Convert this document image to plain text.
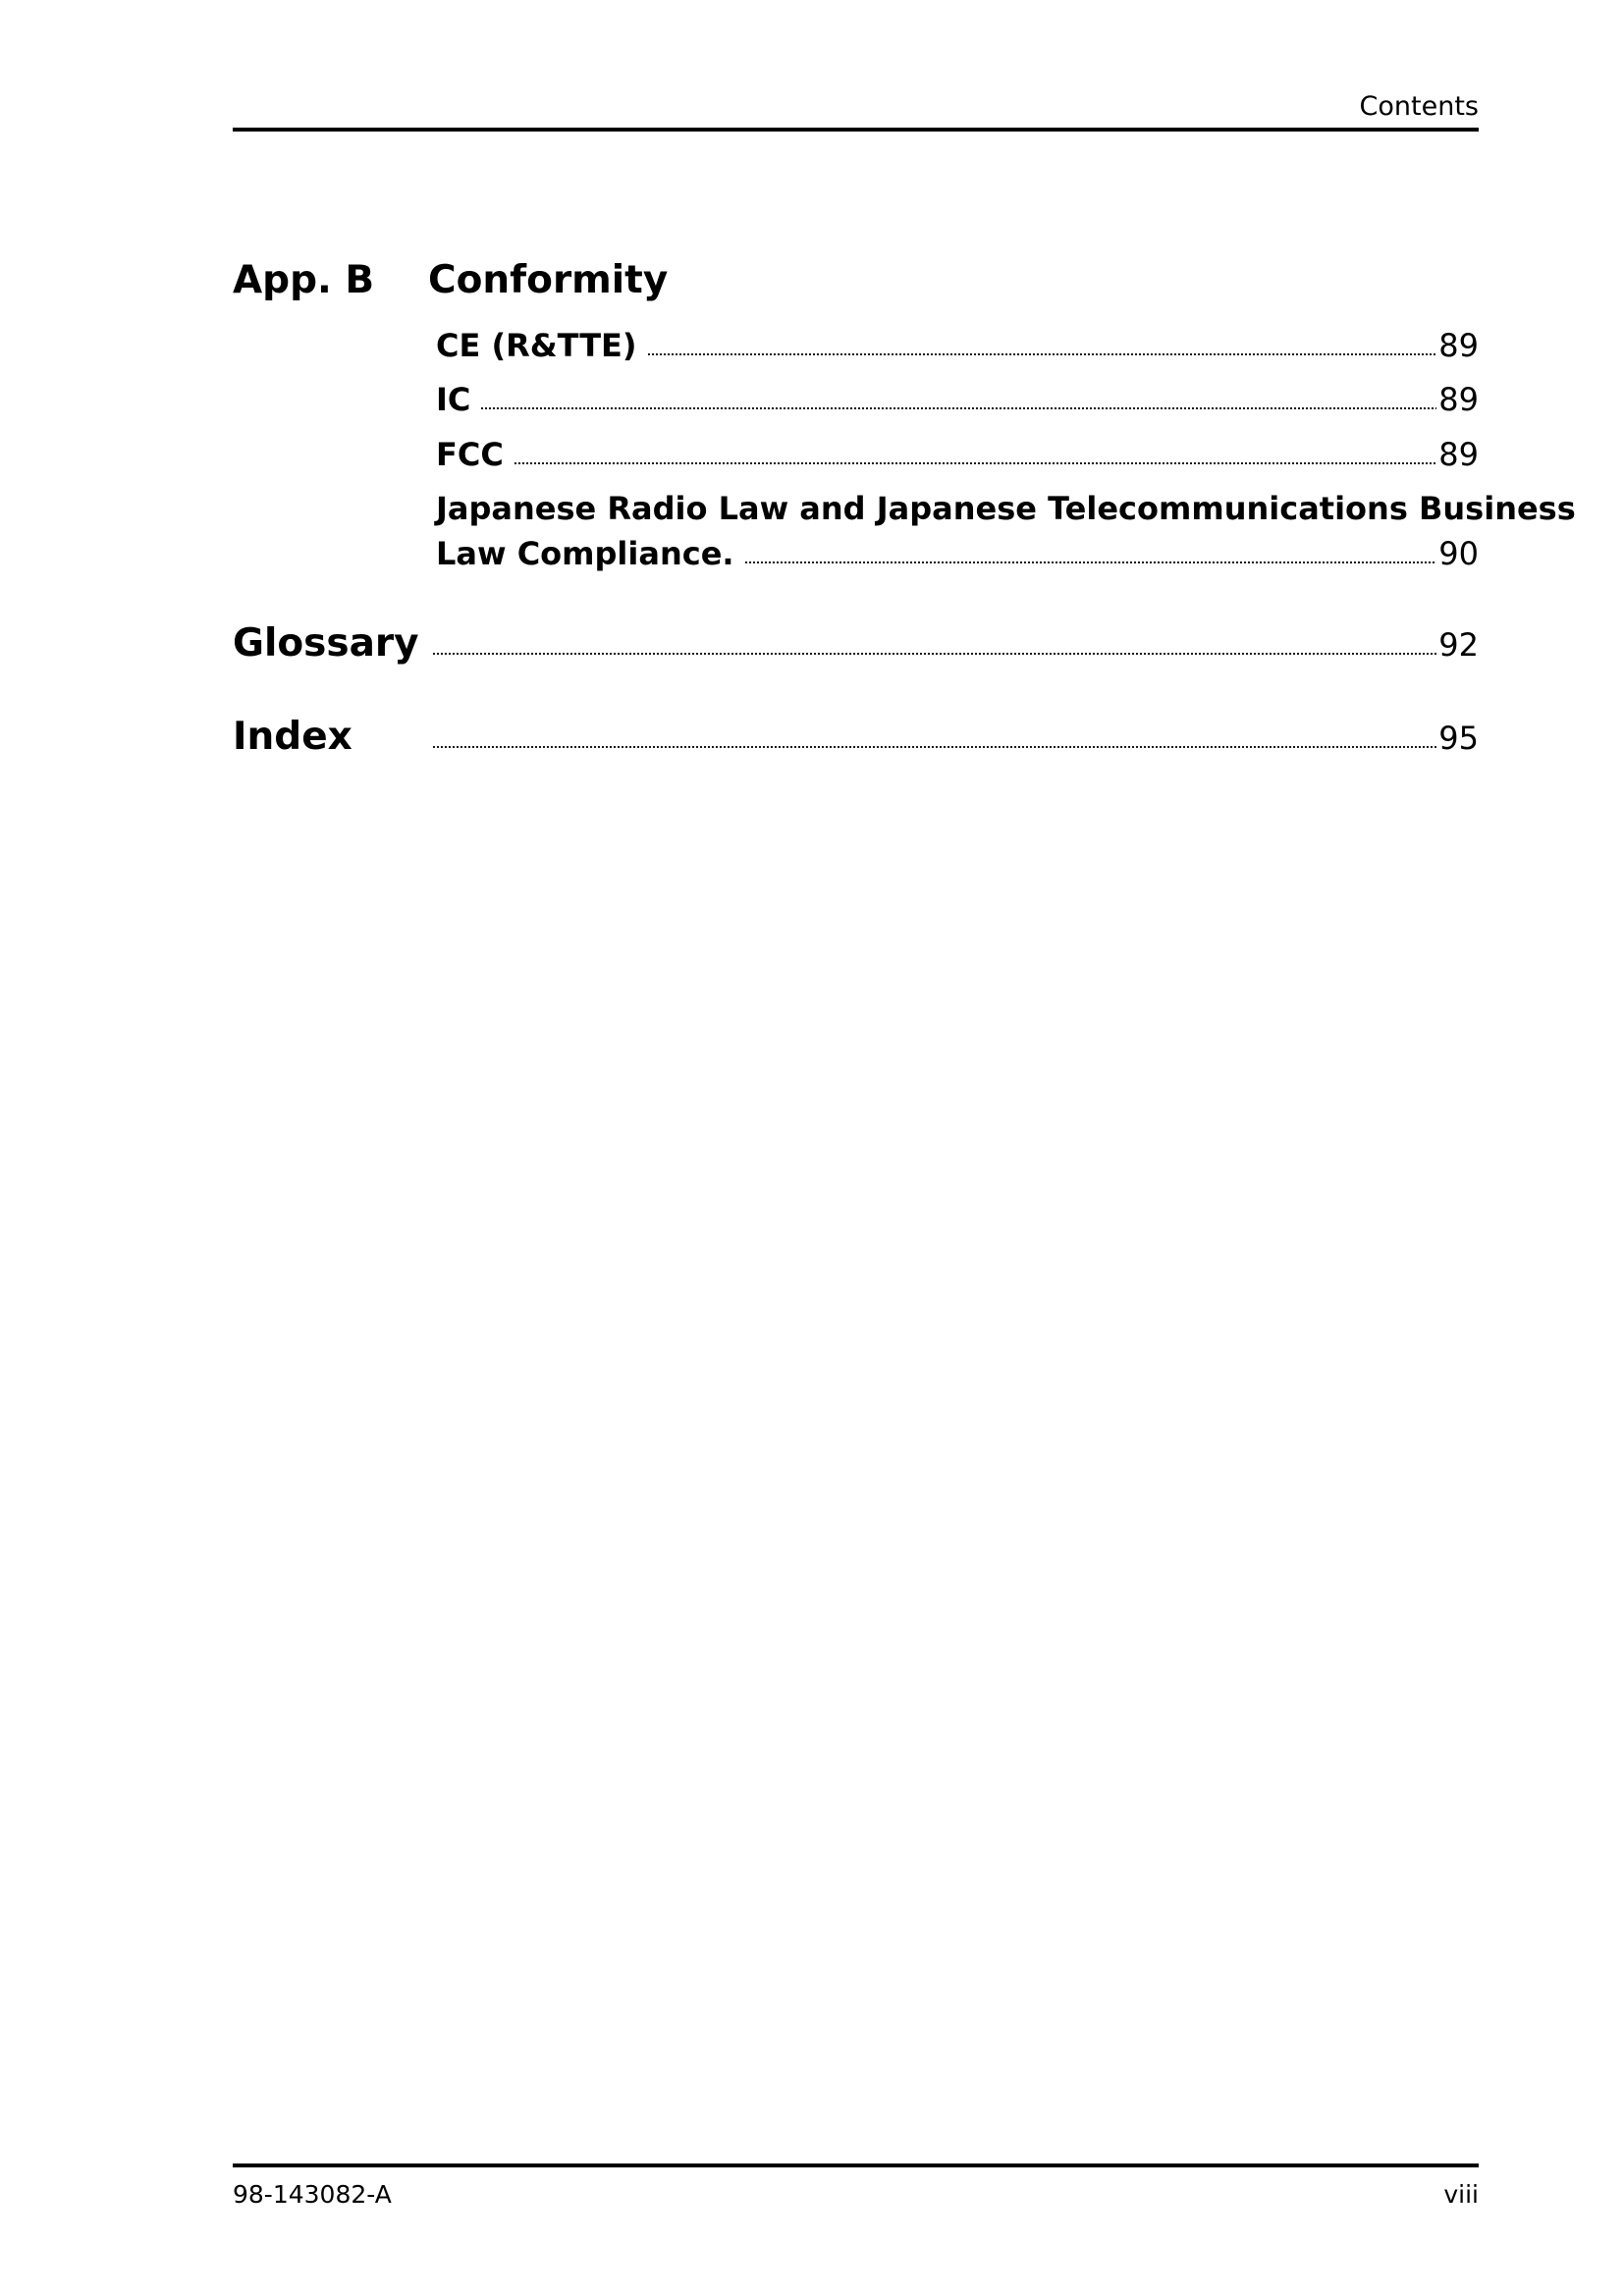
Contents
App. B Conformity
CE (R&TTE)	89
IC	89
FCC	89
Japanese Radio Law and Japanese Telecommunications Business
Law Compliance.	90
Glossary	92
Index	95
98-143082-A	viii
